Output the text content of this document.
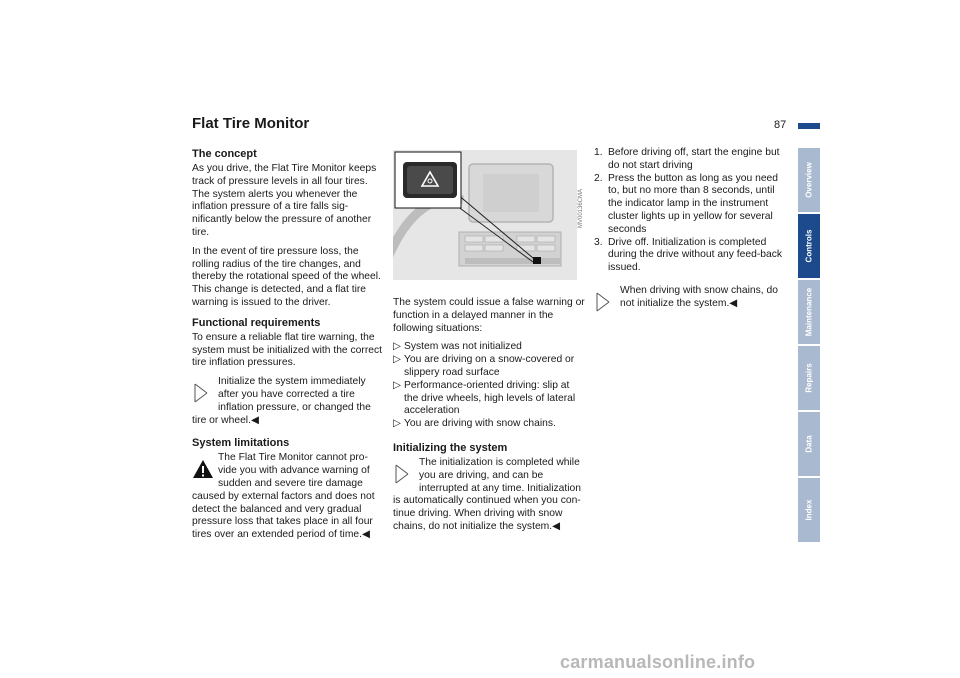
Flat Tire Monitor	87
The concept

As you drive, the Flat Tire Monitor keeps track of pressure levels in all four tires. The system alerts you whenever the inflation pressure of a tire falls sig-nificantly below the pressure of another tire.

In the event of tire pressure loss, the rolling radius of the tire changes, and thereby the rotational speed of the wheel. This change is detected, and a flat tire warning is issued to the driver.

Functional requirements

To ensure a reliable flat tire warning, the system must be initialized with the correct tire inflation pressures.

Initialize the system immediately after you have corrected a tire inflation pressure, or changed the tire or wheel.◀
System limitations
The Flat Tire Monitor cannot pro-vide you with advance warning of sudden and severe tire damage caused by external factors and does not detect the balanced and very gradual pressure loss that takes place in all four tires over an extended period of time.◀
MV00136CMA

The system could issue a false warning or function in a delayed manner in the following situations:

▷ System was not initialized
▷ You are driving on a snow-covered or slippery road surface
▷ Performance-oriented driving: slip at the drive wheels, high levels of lateral acceleration
▷ You are driving with snow chains.
Initializing the system
The initialization is completed while you are driving, and can be interrupted at any time. Initialization is automatically continued when you con-tinue driving. When driving with snow chains, do not initialize the system.◀
1. Before driving off, start the engine but do not start driving
2. Press the button as long as you need to, but no more than 8 seconds, until the indicator lamp in the instrument cluster lights up in yellow for several seconds
3. Drive off. Initialization is completed during the drive without any feed-back issued.
When driving with snow chains, do not initialize the system.◀
Overview
Controls
Maintenance
Repairs
Data
Index
carmanualsonline.info
